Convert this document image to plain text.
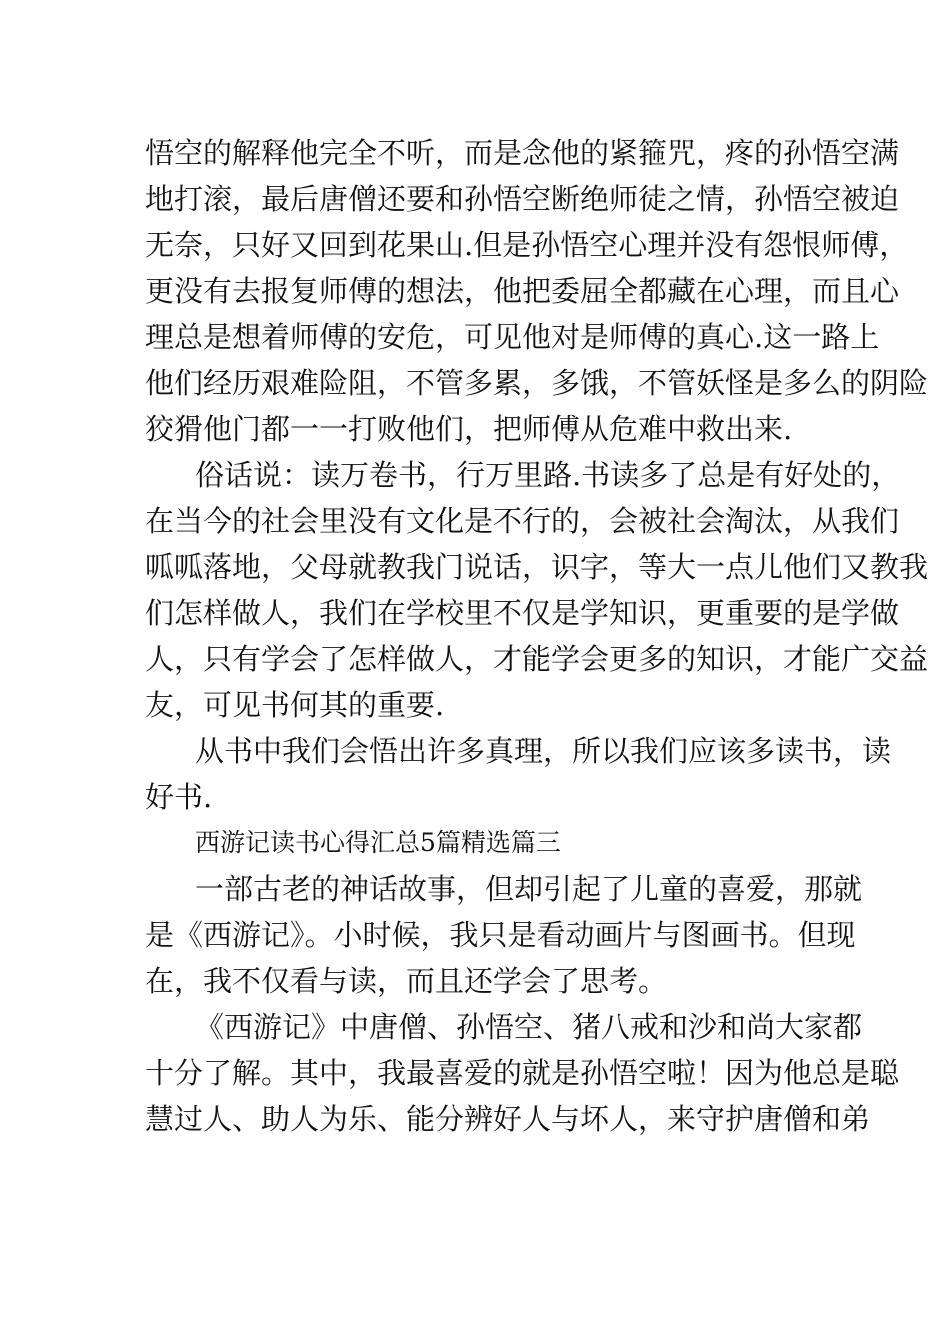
悟空的解释他完全不听，而是念他的紧箍咒，疼的孙悟空满
地打滚，最后唐僧还要和孙悟空断绝师徒之情，孙悟空被迫
无奈，只好又回到花果山.但是孙悟空心理并没有怨恨师傅，
更没有去报复师傅的想法，他把委屈全都藏在心理，而且心
理总是想着师傅的安危，可见他对是师傅的真心.这一路上
他们经历艰难险阻，不管多累，多饿，不管妖怪是多么的阴险
狡猾他门都一一打败他们，把师傅从危难中救出来.
俗话说：读万卷书，行万里路.书读多了总是有好处的，
在当今的社会里没有文化是不行的，会被社会淘汰，从我们
呱呱落地，父母就教我门说话，识字，等大一点儿他们又教我
们怎样做人，我们在学校里不仅是学知识，更重要的是学做
人，只有学会了怎样做人，才能学会更多的知识，才能广交益
友，可见书何其的重要.
从书中我们会悟出许多真理，所以我们应该多读书，读
好书.
西游记读书心得汇总5篇精选篇三
一部古老的神话故事，但却引起了儿童的喜爱，那就
是《西游记》。小时候，我只是看动画片与图画书。但现
在，我不仅看与读，而且还学会了思考。
《西游记》中唐僧、孙悟空、猪八戒和沙和尚大家都
十分了解。其中，我最喜爱的就是孙悟空啦！因为他总是聪
慧过人、助人为乐、能分辨好人与坏人，来守护唐僧和弟
